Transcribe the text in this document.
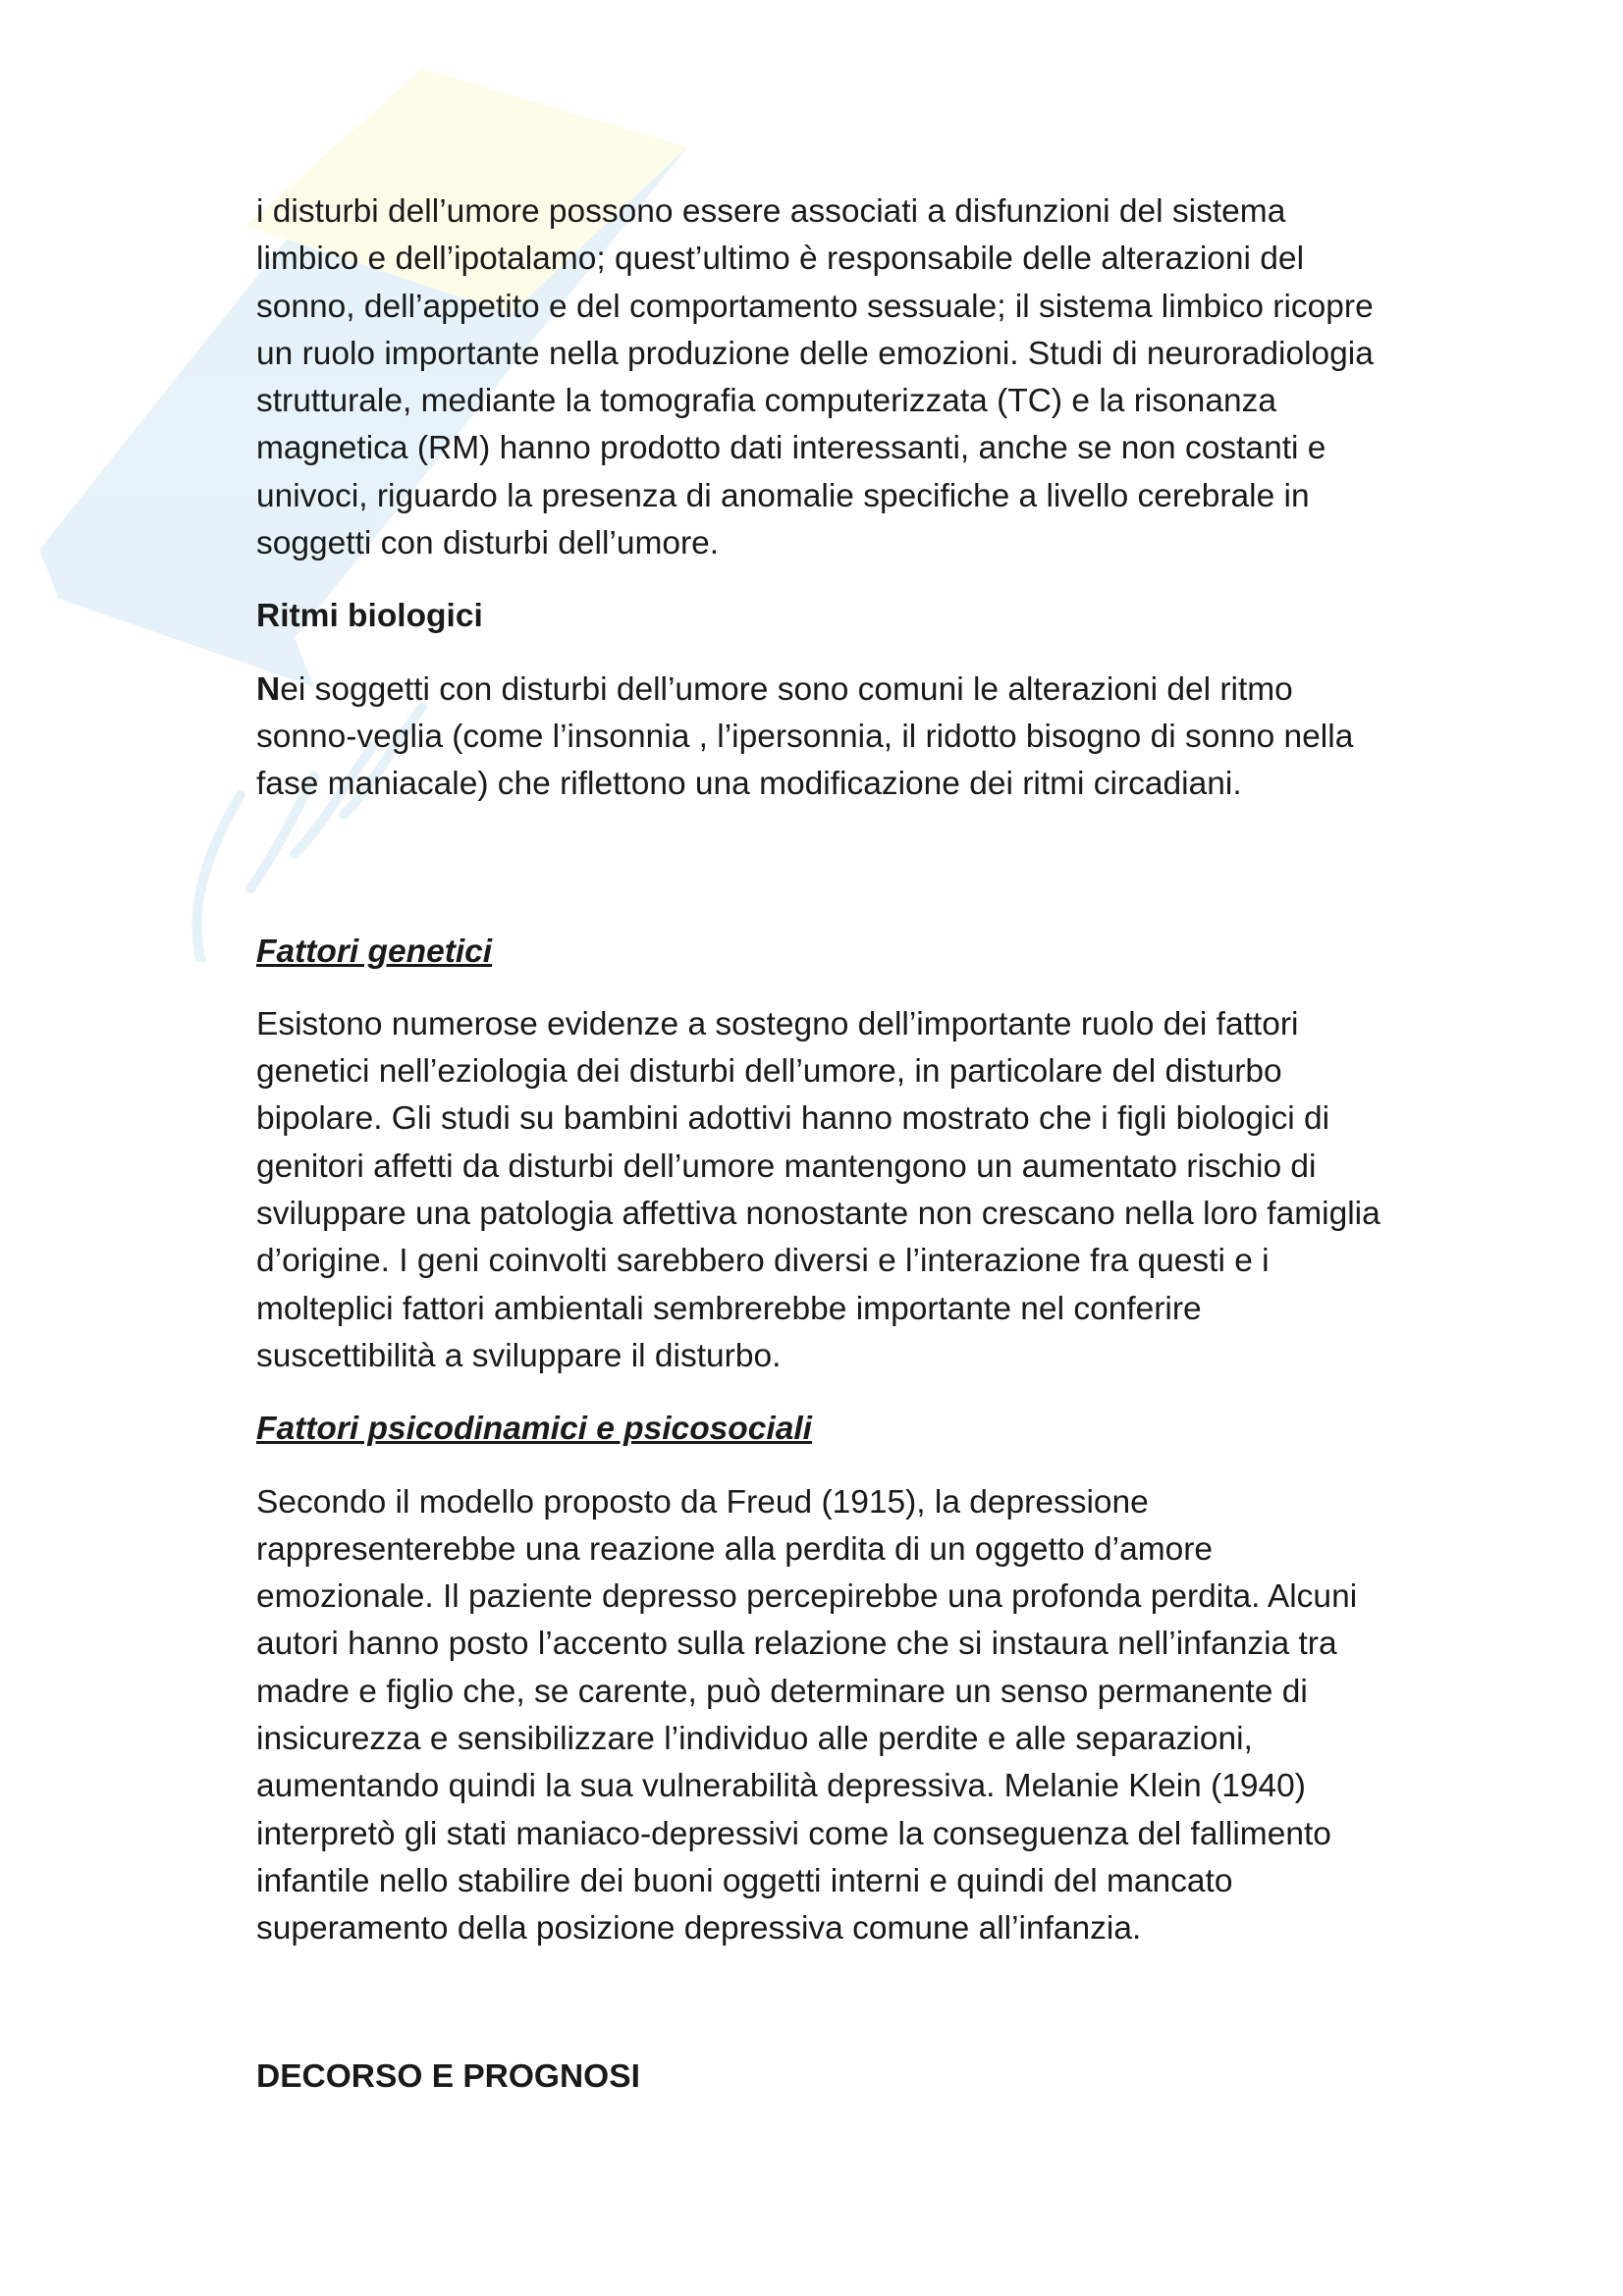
i disturbi dell’umore possono essere associati a disfunzioni del sistema
limbico e dell’ipotalamo; quest’ultimo è responsabile delle alterazioni del
sonno, dell’appetito e del comportamento sessuale; il sistema limbico ricopre
un ruolo importante nella produzione delle emozioni. Studi di neuroradiologia
strutturale, mediante la tomografia computerizzata (TC) e la risonanza
magnetica (RM) hanno prodotto dati interessanti, anche se non costanti e
univoci, riguardo la presenza di anomalie specifiche a livello cerebrale in
soggetti con disturbi dell’umore.

Ritmi biologici

Nei soggetti con disturbi dell’umore sono comuni le alterazioni del ritmo
sonno-veglia (come l’insonnia , l’ipersonnia, il ridotto bisogno di sonno nella
fase maniacale) che riflettono una modificazione dei ritmi circadiani.

Fattori genetici

Esistono numerose evidenze a sostegno dell’importante ruolo dei fattori
genetici nell’eziologia dei disturbi dell’umore, in particolare del disturbo
bipolare. Gli studi su bambini adottivi hanno mostrato che i figli biologici di
genitori affetti da disturbi dell’umore mantengono un aumentato rischio di
sviluppare una patologia affettiva nonostante non crescano nella loro famiglia
d’origine. I geni coinvolti sarebbero diversi e l’interazione fra questi e i
molteplici fattori ambientali sembrerebbe importante nel conferire
suscettibilità a sviluppare il disturbo.

Fattori psicodinamici e psicosociali

Secondo il modello proposto da Freud (1915), la depressione
rappresenterebbe una reazione alla perdita di un oggetto d’amore
emozionale. Il paziente depresso percepirebbe una profonda perdita. Alcuni
autori hanno posto l’accento sulla relazione che si instaura nell’infanzia tra
madre e figlio che, se carente, può determinare un senso permanente di
insicurezza e sensibilizzare l’individuo alle perdite e alle separazioni,
aumentando quindi la sua vulnerabilità depressiva. Melanie Klein (1940)
interpretò gli stati maniaco-depressivi come la conseguenza del fallimento
infantile nello stabilire dei buoni oggetti interni e quindi del mancato
superamento della posizione depressiva comune all’infanzia.

DECORSO E PROGNOSI
